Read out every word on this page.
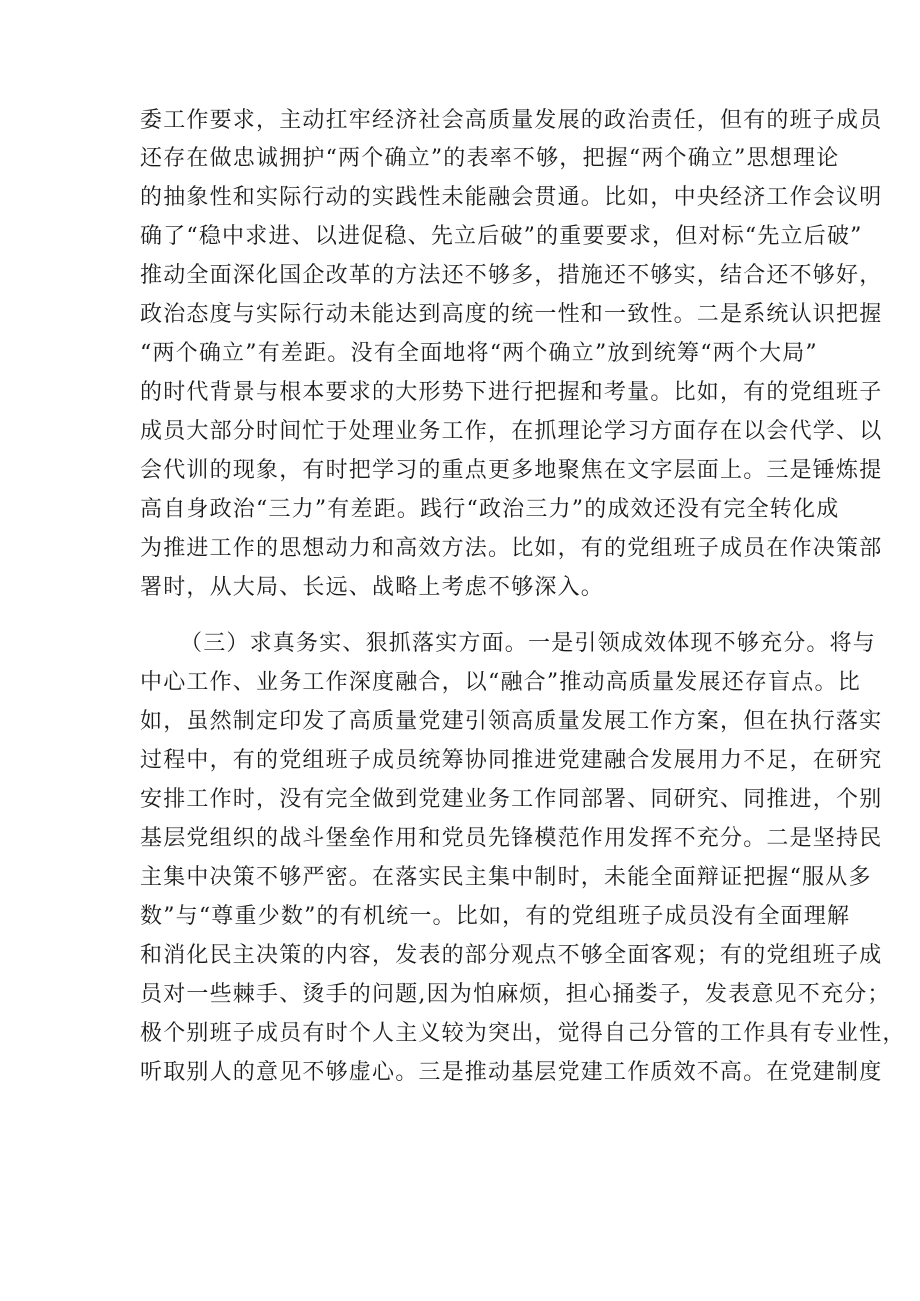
委工作要求，主动扛牢经济社会高质量发展的政治责任，但有的班子成员
还存在做忠诚拥护“两个确立”的表率不够，把握“两个确立”思想理论
的抽象性和实际行动的实践性未能融会贯通。比如，中央经济工作会议明
确了“稳中求进、以进促稳、先立后破”的重要要求，但对标“先立后破”
推动全面深化国企改革的方法还不够多，措施还不够实，结合还不够好，
政治态度与实际行动未能达到高度的统一性和一致性。二是系统认识把握
“两个确立”有差距。没有全面地将“两个确立”放到统筹“两个大局”
的时代背景与根本要求的大形势下进行把握和考量。比如，有的党组班子
成员大部分时间忙于处理业务工作，在抓理论学习方面存在以会代学、以
会代训的现象，有时把学习的重点更多地聚焦在文字层面上。三是锤炼提
高自身政治“三力”有差距。践行“政治三力”的成效还没有完全转化成
为推进工作的思想动力和高效方法。比如，有的党组班子成员在作决策部
署时，从大局、长远、战略上考虑不够深入。
（三）求真务实、狠抓落实方面。一是引领成效体现不够充分。将与
中心工作、业务工作深度融合，以“融合”推动高质量发展还存盲点。比
如，虽然制定印发了高质量党建引领高质量发展工作方案，但在执行落实
过程中，有的党组班子成员统筹协同推进党建融合发展用力不足，在研究
安排工作时，没有完全做到党建业务工作同部署、同研究、同推进，个别
基层党组织的战斗堡垒作用和党员先锋模范作用发挥不充分。二是坚持民
主集中决策不够严密。在落实民主集中制时，未能全面辩证把握“服从多
数”与“尊重少数”的有机统一。比如，有的党组班子成员没有全面理解
和消化民主决策的内容，发表的部分观点不够全面客观；有的党组班子成
员对一些棘手、烫手的问题,因为怕麻烦，担心捅娄子，发表意见不充分；
极个别班子成员有时个人主义较为突出，觉得自己分管的工作具有专业性，
听取别人的意见不够虚心。三是推动基层党建工作质效不高。在党建制度
